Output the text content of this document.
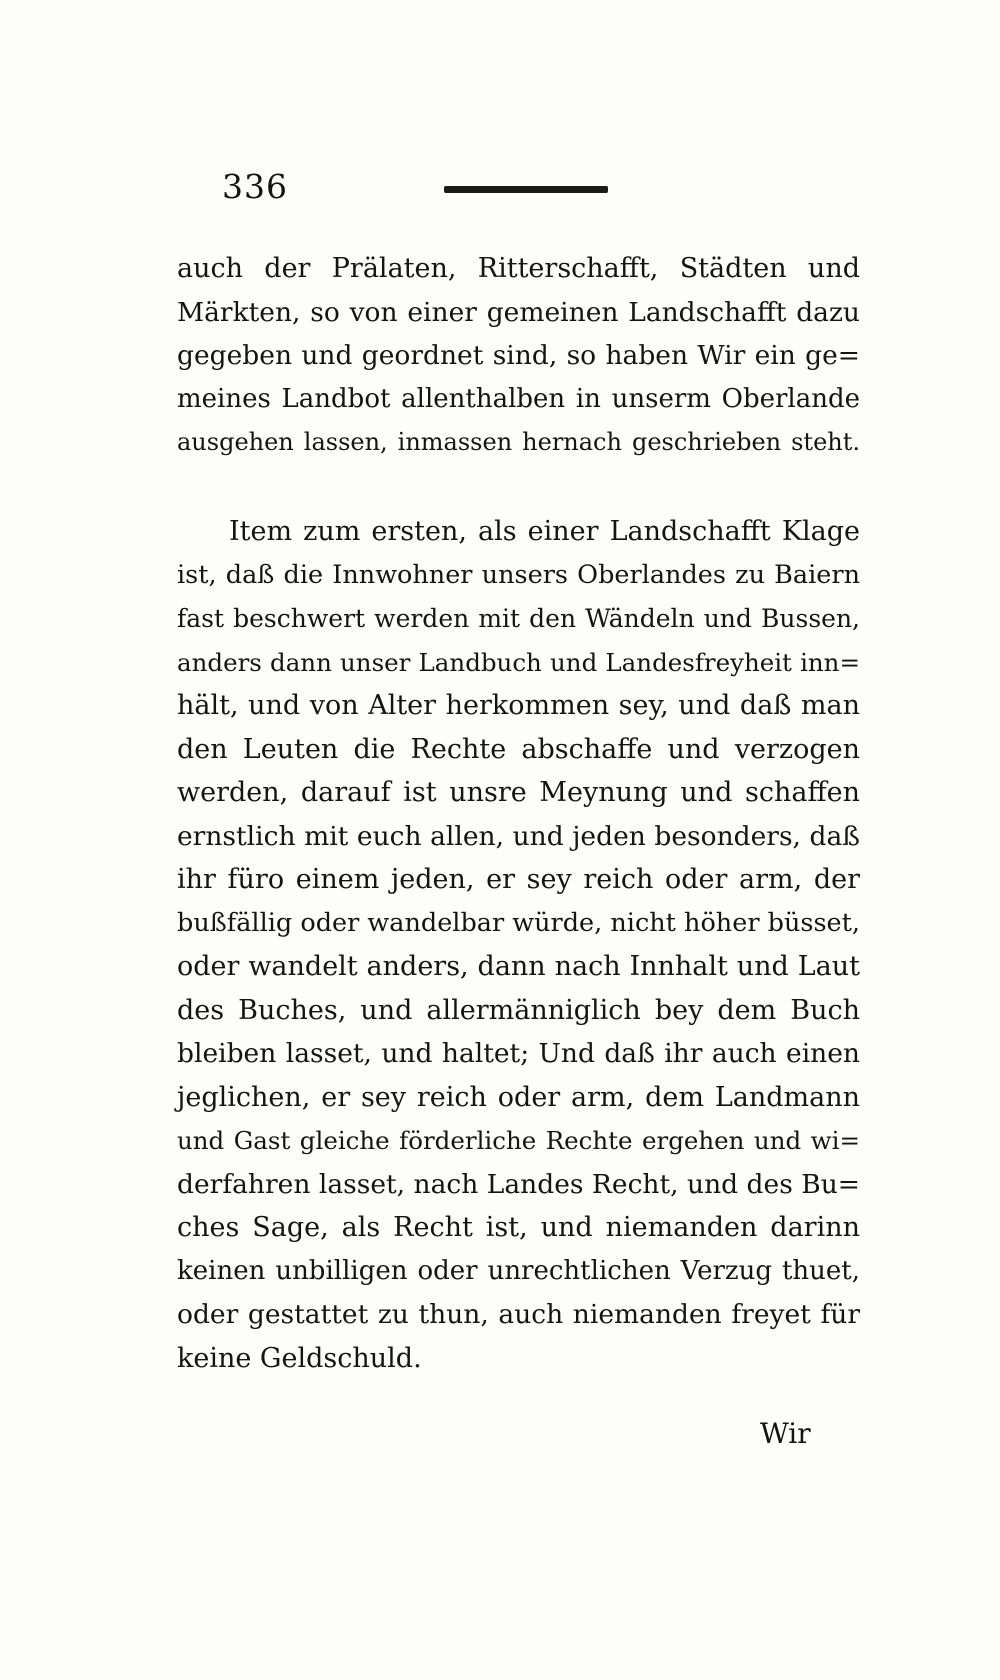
336
auch der Prälaten, Ritterschafft, Städten und
Märkten, so von einer gemeinen Landschafft dazu
gegeben und geordnet sind, so haben Wir ein ge=
meines Landbot allenthalben in unserm Oberlande
ausgehen lassen, inmassen hernach geschrieben steht.
Item zum ersten, als einer Landschafft Klage
ist, daß die Innwohner unsers Oberlandes zu Baiern
fast beschwert werden mit den Wändeln und Bussen,
anders dann unser Landbuch und Landesfreyheit inn=
hält, und von Alter herkommen sey, und daß man
den Leuten die Rechte abschaffe und verzogen
werden, darauf ist unsre Meynung und schaffen
ernstlich mit euch allen, und jeden besonders, daß
ihr füro einem jeden, er sey reich oder arm, der
bußfällig oder wandelbar würde, nicht höher büsset,
oder wandelt anders, dann nach Innhalt und Laut
des Buches, und allermänniglich bey dem Buch
bleiben lasset, und haltet; Und daß ihr auch einen
jeglichen, er sey reich oder arm, dem Landmann
und Gast gleiche förderliche Rechte ergehen und wi=
derfahren lasset, nach Landes Recht, und des Bu=
ches Sage, als Recht ist, und niemanden darinn
keinen unbilligen oder unrechtlichen Verzug thuet,
oder gestattet zu thun, auch niemanden freyet für
keine Geldschuld.
Wir
